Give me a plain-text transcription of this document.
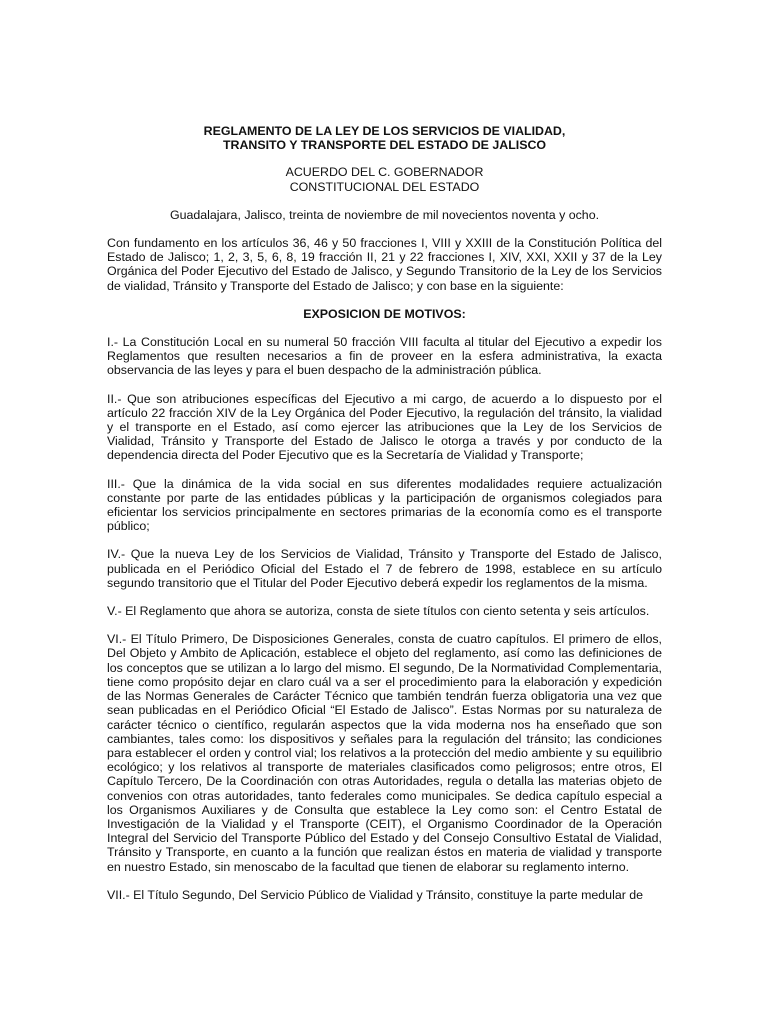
REGLAMENTO DE LA LEY DE LOS SERVICIOS DE VIALIDAD,

TRANSITO Y TRANSPORTE DEL ESTADO DE JALISCO

ACUERDO DEL C. GOBERNADOR

CONSTITUCIONAL DEL ESTADO

Guadalajara, Jalisco, treinta de noviembre de mil novecientos noventa y ocho.

Con fundamento en los artículos 36, 46 y 50 fracciones I, VIII y XXIII de la Constitución Política del Estado de Jalisco; 1, 2, 3, 5, 6, 8, 19 fracción II, 21 y 22 fracciones I, XIV, XXI, XXII y 37 de la Ley Orgánica del Poder Ejecutivo del Estado de Jalisco, y Segundo Transitorio de la Ley de los Servicios de vialidad, Tránsito y Transporte del Estado de Jalisco; y con base en la siguiente:

EXPOSICION DE MOTIVOS:

I.- La Constitución Local en su numeral 50 fracción VIII faculta al titular del Ejecutivo a expedir los Reglamentos que resulten necesarios a fin de proveer en la esfera administrativa, la exacta observancia de las leyes y para el buen despacho de la administración pública.

II.- Que son atribuciones específicas del Ejecutivo a mi cargo, de acuerdo a lo dispuesto por el artículo 22 fracción XIV de la Ley Orgánica del Poder Ejecutivo, la regulación del tránsito, la vialidad y el transporte en el Estado, así como ejercer las atribuciones que la Ley de los Servicios de Vialidad, Tránsito y Transporte del Estado de Jalisco le otorga a través y por conducto de la dependencia directa del Poder Ejecutivo que es la Secretaría de Vialidad y Transporte;

III.- Que la dinámica de la vida social en sus diferentes modalidades requiere actualización constante por parte de las entidades públicas y la participación de organismos colegiados para eficientar los servicios principalmente en sectores primarias de la economía como es el transporte público;

IV.- Que la nueva Ley de los Servicios de Vialidad, Tránsito y Transporte del Estado de Jalisco, publicada en el Periódico Oficial del Estado el 7 de febrero de 1998, establece en su artículo segundo transitorio que el Titular del Poder Ejecutivo deberá expedir los reglamentos de la misma.

V.- El Reglamento que ahora se autoriza, consta de siete títulos con ciento setenta y seis artículos.

VI.- El Título Primero, De Disposiciones Generales, consta de cuatro capítulos. El primero de ellos, Del Objeto y Ambito de Aplicación, establece el objeto del reglamento, así como las definiciones de los conceptos que se utilizan a lo largo del mismo. El segundo, De la Normatividad Complementaria, tiene como propósito dejar en claro cuál va a ser el procedimiento para la elaboración y expedición de las Normas Generales de Carácter Técnico que también tendrán fuerza obligatoria una vez que sean publicadas en el Periódico Oficial “El Estado de Jalisco”. Estas Normas por su naturaleza de carácter técnico o científico, regularán aspectos que la vida moderna nos ha enseñado que son cambiantes, tales como: los dispositivos y señales para la regulación del tránsito; las condiciones para establecer el orden y control vial; los relativos a la protección del medio ambiente y su equilibrio ecológico; y los relativos al transporte de materiales clasificados como peligrosos; entre otros, El Capítulo Tercero, De la Coordinación con otras Autoridades, regula o detalla las materias objeto de convenios con otras autoridades, tanto federales como municipales. Se dedica capítulo especial a los Organismos Auxiliares y de Consulta que establece la Ley como son: el Centro Estatal de Investigación de la Vialidad y el Transporte (CEIT), el Organismo Coordinador de la Operación Integral del Servicio del Transporte Público del Estado y del Consejo Consultivo Estatal de Vialidad, Tránsito y Transporte, en cuanto a la función que realizan éstos en materia de vialidad y transporte en nuestro Estado, sin menoscabo de la facultad que tienen de elaborar su reglamento interno.

VII.- El Título Segundo, Del Servicio Público de Vialidad y Tránsito, constituye la parte medular de
